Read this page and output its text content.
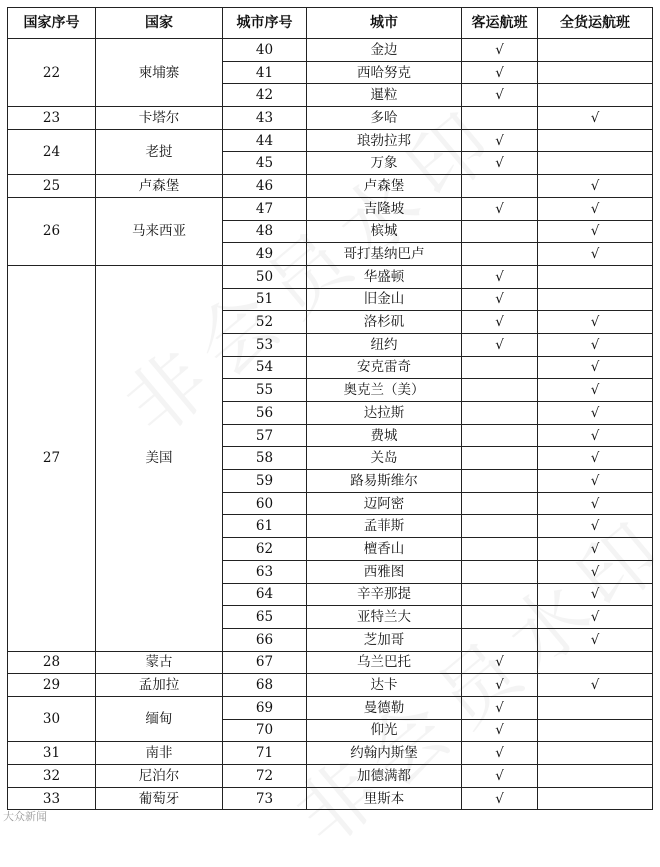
国家序号	国家	城市序号	城市	客运航班	全货运航班
22	柬埔寨	40	金边	√	
		41	西哈努克	√	
		42	暹粒	√	
23	卡塔尔	43	多哈		√
24	老挝	44	琅勃拉邦	√	
		45	万象	√	
25	卢森堡	46	卢森堡		√
26	马来西亚	47	吉隆坡	√	√
		48	槟城		√
		49	哥打基纳巴卢		√
27	美国	50	华盛顿	√	
		51	旧金山	√	
		52	洛杉矶	√	√
		53	纽约	√	√
		54	安克雷奇		√
		55	奥克兰（美）		√
		56	达拉斯		√
		57	费城		√
		58	关岛		√
		59	路易斯维尔		√
		60	迈阿密		√
		61	孟菲斯		√
		62	檀香山		√
		63	西雅图		√
		64	辛辛那提		√
		65	亚特兰大		√
		66	芝加哥		√
28	蒙古	67	乌兰巴托	√	
29	孟加拉	68	达卡	√	√
30	缅甸	69	曼德勒	√	
		70	仰光	√	
31	南非	71	约翰内斯堡	√	
32	尼泊尔	72	加德满都	√	
33	葡萄牙	73	里斯本	√	
大众新闻
